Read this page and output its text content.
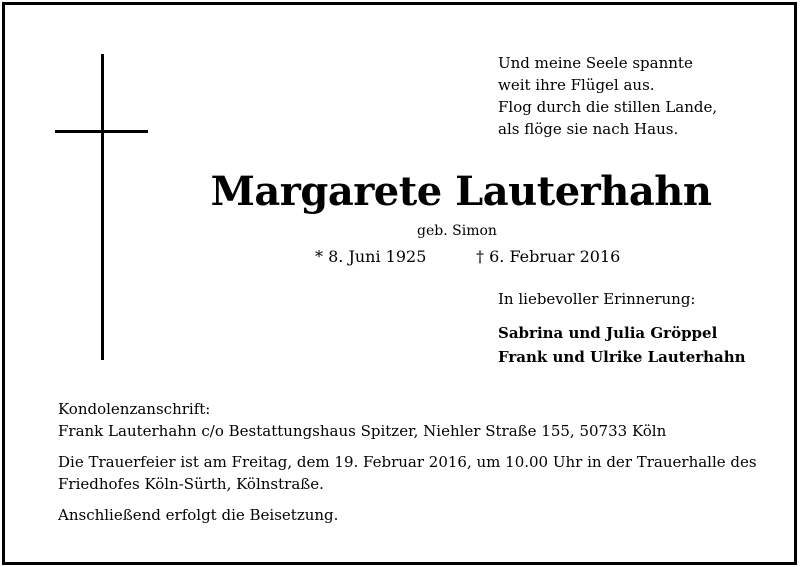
Und meine Seele spannte
weit ihre Flügel aus.
Flog durch die stillen Lande,
als flöge sie nach Haus.
Margarete Lauterhahn
geb. Simon
* 8. Juni 1925	† 6. Februar 2016
In liebevoller Erinnerung:
Sabrina und Julia Gröppel
Frank und Ulrike Lauterhahn

Kondolenzanschrift:
Frank Lauterhahn c/o Bestattungshaus Spitzer, Niehler Straße 155, 50733 Köln

Die Trauerfeier ist am Freitag, dem 19. Februar 2016, um 10.00 Uhr in der Trauerhalle des Friedhofes Köln-Sürth, Kölnstraße.

Anschließend erfolgt die Beisetzung.
